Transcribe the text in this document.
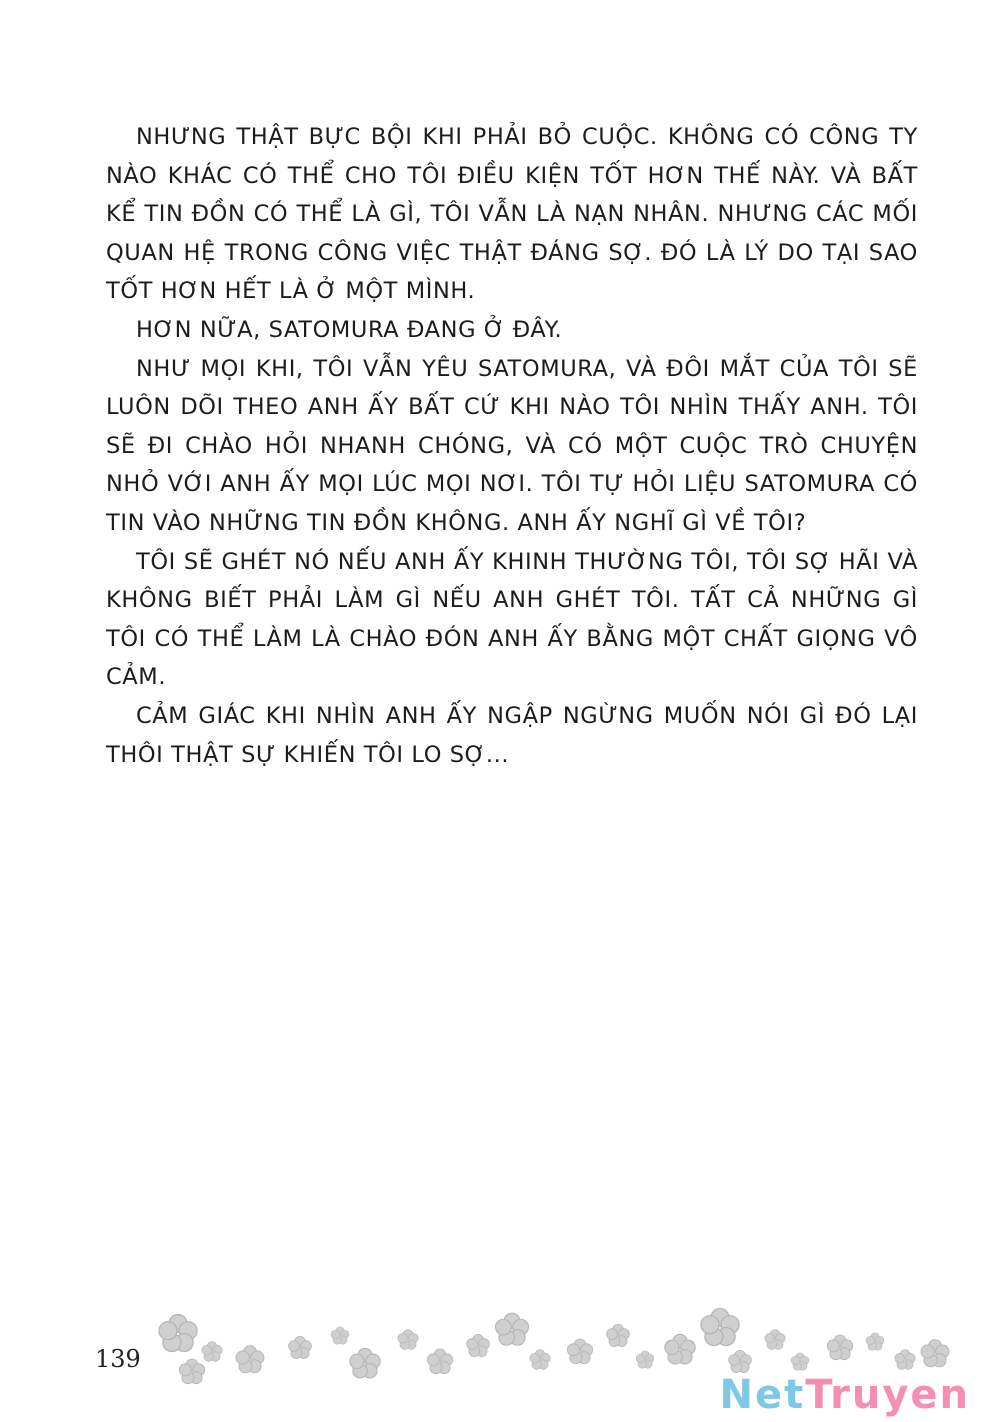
NHƯNG THẬT BỰC BỘI KHI PHẢI BỎ CUỘC. KHÔNG CÓ CÔNG TY NÀO KHÁC CÓ THỂ CHO TÔI ĐIỀU KIỆN TỐT HƠN THẾ NÀY. VÀ BẤT KỂ TIN ĐỒN CÓ THỂ LÀ GÌ, TÔI VẪN LÀ NẠN NHÂN. NHƯNG CÁC MỐI QUAN HỆ TRONG CÔNG VIỆC THẬT ĐÁNG SỢ. ĐÓ LÀ LÝ DO TẠI SAO TỐT HƠN HẾT LÀ Ở MỘT MÌNH.

HƠN NỮA, SATOMURA ĐANG Ở ĐÂY.

NHƯ MỌI KHI, TÔI VẪN YÊU SATOMURA, VÀ ĐÔI MẮT CỦA TÔI SẼ LUÔN DÕI THEO ANH ẤY BẤT CỨ KHI NÀO TÔI NHÌN THẤY ANH. TÔI SẼ ĐI CHÀO HỎI NHANH CHÓNG, VÀ CÓ MỘT CUỘC TRÒ CHUYỆN NHỎ VỚI ANH ẤY MỌI LÚC MỌI NƠI. TÔI TỰ HỎI LIỆU SATOMURA CÓ TIN VÀO NHỮNG TIN ĐỒN KHÔNG. ANH ẤY NGHĨ GÌ VỀ TÔI?

TÔI SẼ GHÉT NÓ NẾU ANH ẤY KHINH THƯỜNG TÔI, TÔI SỢ HÃI VÀ KHÔNG BIẾT PHẢI LÀM GÌ NẾU ANH GHÉT TÔI. TẤT CẢ NHỮNG GÌ TÔI CÓ THỂ LÀM LÀ CHÀO ĐÓN ANH ẤY BẰNG MỘT CHẤT GIỌNG VÔ CẢM.

CẢM GIÁC KHI NHÌN ANH ẤY NGẬP NGỪNG MUỐN NÓI GÌ ĐÓ LẠI THÔI THẬT SỰ KHIẾN TÔI LO SỢ...

139
NetTruyen
